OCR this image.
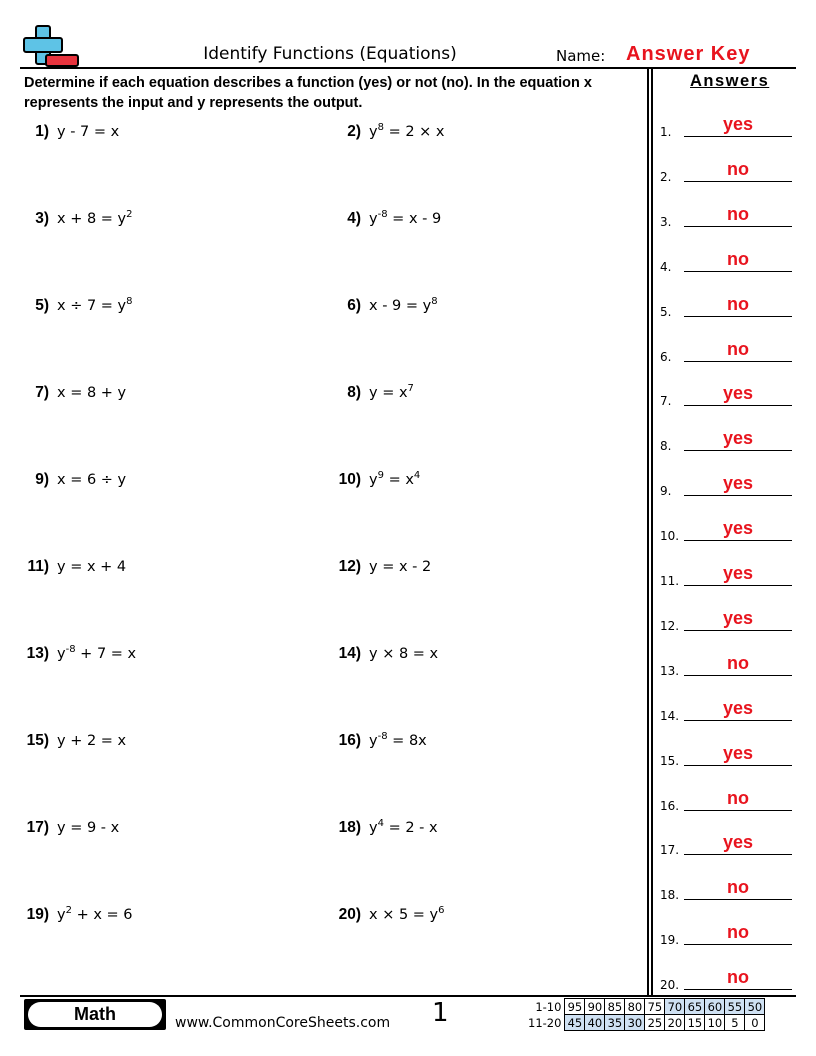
Identify Functions (Equations)	Name: Answer Key
Determine if each equation describes a function (yes) or not (no). In the equation x represents the input and y represents the output.
1) y - 7 = x	2) $y^8 = 2 \times x$
3) $x + 8 = y^2$	4) $y^{-8} = x - 9$
5) $x \div 7 = y^8$	6) $x - 9 = y^8$
7) x = 8 + y	8) $y = x^7$
9) x = 6 ÷ y	10) $y^9 = x^4$
11) y = x + 4	12) y = x - 2
13) $y^{-8} + 7 = x$	14) y × 8 = x
15) y + 2 = x	16) $y^{-8} = 8x$
17) y = 9 - x	18) $y^4 = 2 - x$
19) $y^2 + x = 6$	20) $x \times 5 = y^6$
Answers
1.	yes
2.	no
3.	no
4.	no
5.	no
6.	no
7.	yes
8.	yes
9.	yes
10.	yes
11.	yes
12.	yes
13.	no
14.	yes
15.	yes
16.	no
17.	yes
18.	no
19.	no
20.	no
Math	www.CommonCoreSheets.com 1	1-10	95	90	85	80	75	70	65	60	55	50
11-20	45	40	35	30	25	20	15	10	5	0
